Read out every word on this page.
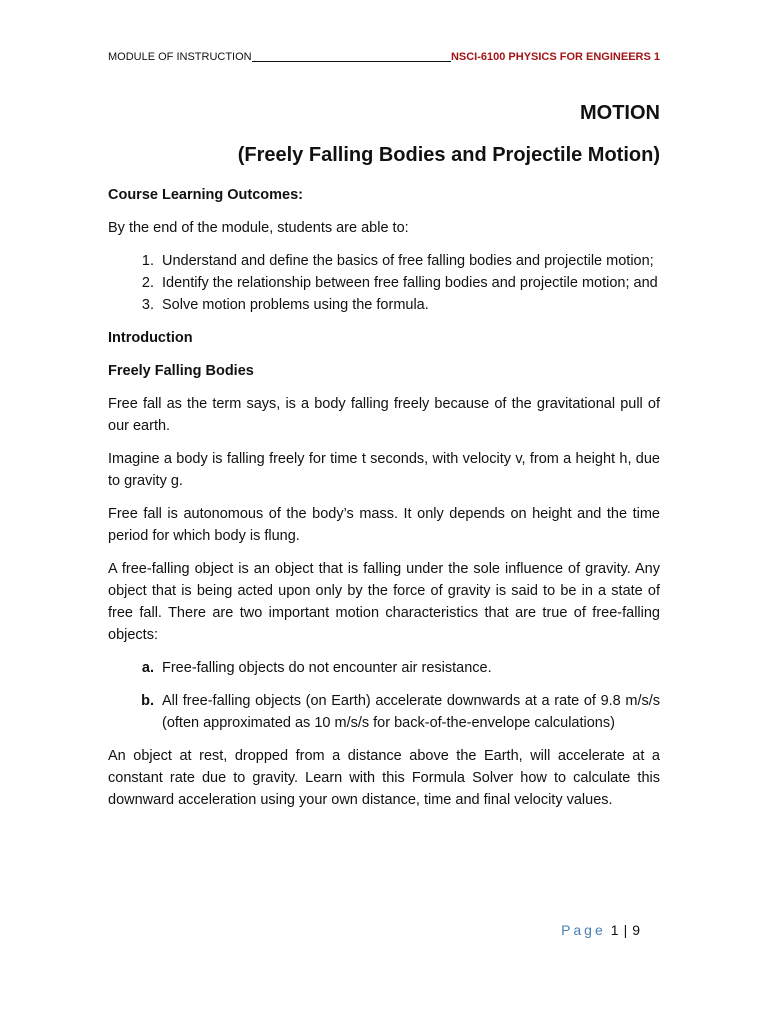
MODULE OF INSTRUCTION	NSCI-6100 PHYSICS FOR ENGINEERS 1
MOTION
(Freely Falling Bodies and Projectile Motion)

Course Learning Outcomes:

By the end of the module, students are able to:

1. Understand and define the basics of free falling bodies and projectile motion;
2. Identify the relationship between free falling bodies and projectile motion; and
3. Solve motion problems using the formula.
Introduction
Freely Falling Bodies

Free fall as the term says, is a body falling freely because of the gravitational pull of our earth.

Imagine a body is falling freely for time t seconds, with velocity v, from a height h, due to gravity g.

Free fall is autonomous of the body’s mass. It only depends on height and the time period for which body is flung.

A free-falling object is an object that is falling under the sole influence of gravity. Any object that is being acted upon only by the force of gravity is said to be in a state of free fall. There are two important motion characteristics that are true of free-falling objects:

a. Free-falling objects do not encounter air resistance.
b. All free-falling objects (on Earth) accelerate downwards at a rate of 9.8 m/s/s (often approximated as 10 m/s/s for back-of-the-envelope calculations)

An object at rest, dropped from a distance above the Earth, will accelerate at a constant rate due to gravity. Learn with this Formula Solver how to calculate this downward acceleration using your own distance, time and final velocity values.

Page 1 | 9
